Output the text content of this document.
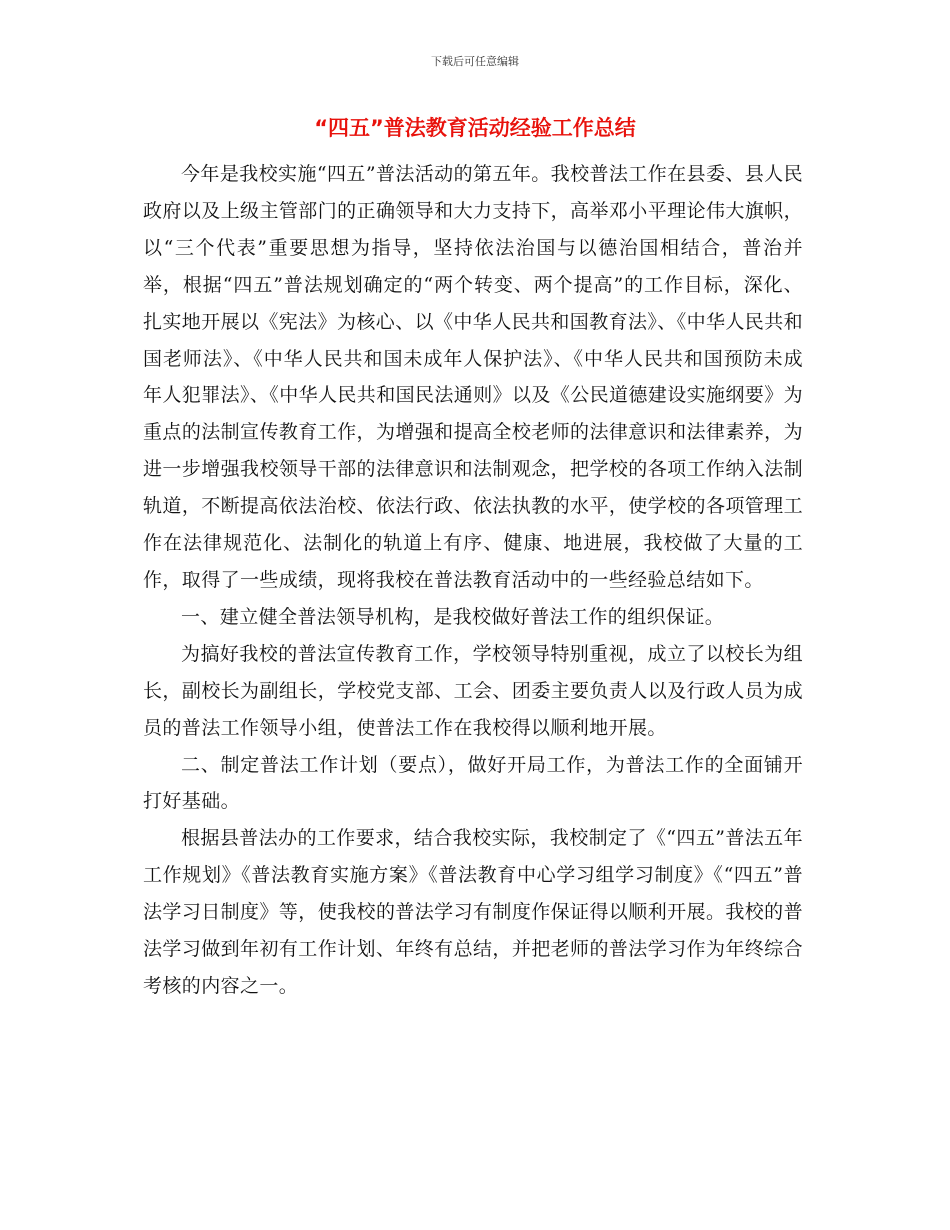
下载后可任意编辑
“四五”普法教育活动经验工作总结

今年是我校实施“四五”普法活动的第五年。我校普法工作在县委、县人民政府以及上级主管部门的正确领导和大力支持下，高举邓小平理论伟大旗帜，以“三个代表”重要思想为指导，坚持依法治国与以德治国相结合，普治并举，根据“四五”普法规划确定的“两个转变、两个提高”的工作目标，深化、扎实地开展以《宪法》为核心、以《中华人民共和国教育法》、《中华人民共和国老师法》、《中华人民共和国未成年人保护法》、《中华人民共和国预防未成年人犯罪法》、《中华人民共和国民法通则》以及《公民道德建设实施纲要》为重点的法制宣传教育工作，为增强和提高全校老师的法律意识和法律素养，为进一步增强我校领导干部的法律意识和法制观念，把学校的各项工作纳入法制轨道，不断提高依法治校、依法行政、依法执教的水平，使学校的各项管理工作在法律规范化、法制化的轨道上有序、健康、地进展，我校做了大量的工作，取得了一些成绩，现将我校在普法教育活动中的一些经验总结如下。

一、建立健全普法领导机构，是我校做好普法工作的组织保证。

为搞好我校的普法宣传教育工作，学校领导特别重视，成立了以校长为组长，副校长为副组长，学校党支部、工会、团委主要负责人以及行政人员为成员的普法工作领导小组，使普法工作在我校得以顺利地开展。

二、制定普法工作计划（要点），做好开局工作，为普法工作的全面铺开打好基础。

根据县普法办的工作要求，结合我校实际，我校制定了《“四五”普法五年工作规划》《普法教育实施方案》《普法教育中心学习组学习制度》《“四五”普法学习日制度》等，使我校的普法学习有制度作保证得以顺利开展。我校的普法学习做到年初有工作计划、年终有总结，并把老师的普法学习作为年终综合考核的内容之一。
